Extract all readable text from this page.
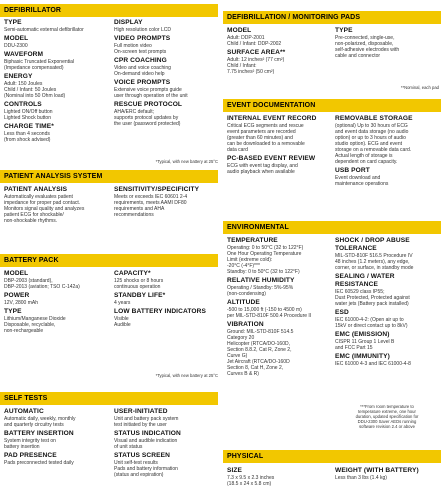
DEFIBRILLATOR
TYPE
Semi-automatic external defibrillator
MODEL
DDU-2300
WAVEFORM
Biphasic Truncated Exponential
(Impedance compensated)
ENERGY
Adult: 150 Joules
Child / Infant: 50 Joules
(Nominal into 50 Ohm load)
CONTROLS
Lighted ON/Off button
Lighted Shock button
CHARGE TIME*
Less than 4 seconds
(from shock advised)
DISPLAY
High resolution color LCD
VIDEO PROMPTS
Full motion video
On-screen text prompts
CPR COACHING
Video and voice coaching
On-demand video help
VOICE PROMPTS
Extensive voice prompts guide
user through operation of the unit
RESCUE PROTOCOL
AHA/ERC default;
supports protocol updates by
the user (password protected)
*Typical, with new battery at 25°C
PATIENT ANALYSIS SYSTEM
PATIENT ANALYSIS
Automatically evaluates patient
impedance for proper pad contact.
Monitors signal quality and analyzes
patient ECG for shockable/
non-shockable rhythms.
SENSITIVITY/SPECIFICITY
Meets or exceeds IEC 60601 2-4
requirements, meets AAMI DF80
requirements and AHA
recommendations
BATTERY PACK
MODEL
DBP-2003 (standard),
DBP-2013 (aviation; TSO C-142a)
POWER
12V, 2800 mAh
TYPE
Lithium/Manganese Dioxide
Disposable, recyclable,
non-rechargeable
CAPACITY*
125 shocks or 8 hours
continuous operation
STANDBY LIFE*
4 years
LOW BATTERY INDICATORS
Visible
Audible
*Typical, with new battery at 25°C
SELF TESTS
AUTOMATIC
Automatic daily, weekly, monthly
and quarterly circuitry tests
BATTERY INSERTION
System integrity test on
battery insertion
PAD PRESENCE
Pads preconnected tested daily
USER-INITIATED
Unit and battery pack system
test initiated by the user
STATUS INDICATION
Visual and audible indication
of unit status
STATUS SCREEN
Unit self-test results
Pads and battery information
(status and expiration)
DEFIBRILLATION / MONITORING PADS
MODEL
Adult: DDP-2001
Child / Infant: DDP-2002
SURFACE AREA**
Adult: 12 inches² (77 cm²)
Child / Infant:
7.75 inches² (50 cm²)
TYPE
Pre-connected, single-use,
non-polarized, disposable,
self-adhesive electrodes with
cable and connector
**Nominal, each pad
EVENT DOCUMENTATION
INTERNAL EVENT RECORD
Critical ECG segments and rescue
event parameters are recorded
(greater than 60 minutes) and
can be downloaded to a removable
data card
PC-BASED EVENT REVIEW
ECG with event tag display, and
audio playback when available
REMOVABLE STORAGE
(optional) Up to 30 hours of ECG
and event data storage (no audio
option) or up to 3 hours of audio
studio option). ECG and event
storage on a removable data card.
Actual length of storage is
dependent on card capacity.
USB PORT
Event download and
maintenance operations
ENVIRONMENTAL
TEMPERATURE
Operating: 0 to 50°C (32 to 122°F)
One Hour Operating Temperature
Limit (extreme cold):
-20°C (-4°F)***
Standby: 0 to 50°C (32 to 122°F)
RELATIVE HUMIDITY
Operating / Standby: 5%-95%
(non-condensing)
ALTITUDE
-500 to 15,000 ft (-150 to 4500 m)
per MIL-STD-810F 500.4 Procedure II
VIBRATION
Ground: MIL-STD-810F 514.5
Category 20
Helicopter (RTCA/DO-160D,
Section 8.8.2, Cat R, Zone 2,
Curve G)
Jet Aircraft (RTCA/DO-160D
Section 8, Cat H, Zone 2,
Curves B & R)
SHOCK / DROP ABUSE TOLERANCE
MIL-STD-810F 516.5 Procedure IV
48 inches (1.2 meters), any edge,
corner, or surface, in standby mode
SEALING / WATER RESISTANCE
IEC 60529 class IP55;
Dust Protected, Protected against
water jets (Battery pack installed)
ESD
IEC 61000-4-2: (Open air up to
15kV or direct contact up to 8kV)
EMC (EMISSION)
CISPR 11 Group 1 Level B
and FCC Part 15
EMC (IMMUNITY)
IEC 61000 4-3 and IEC 61000-4-8
***From room temperature to
temperature extreme, one hour
duration, updated specification for
DDU-2300 Saver AEDs running
software revision 2.4 or above
PHYSICAL
SIZE
7.3 x 9.5 x 2.3 inches
(18.5 x 24 x 5.8 cm)
WEIGHT (WITH BATTERY)
Less than 3 lbs (1.4 kg)
